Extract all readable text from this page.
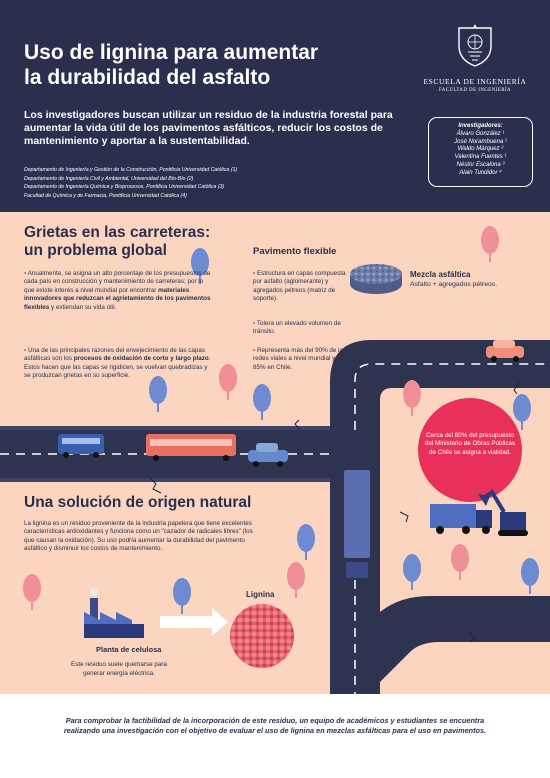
Uso de lignina para aumentar
la durabilidad del asfalto
Los investigadores buscan utilizar un residuo de la industria forestal para aumentar la vida útil de los pavimentos asfálticos, reducir los costos de mantenimiento y aportar a la sustentabilidad.
Departamento de Ingeniería y Gestión de la Construcción, Pontificia Universidad Católica (1)
Departamento de Ingeniería Civil y Ambiental, Universidad del Bío-Bío (2)
Departamento de Ingeniería Química y Bioprocesos, Pontificia Universidad Católica (3)
Facultad de Química y de Farmacia, Pontificia Universidad Católica (4)
ESCUELA DE INGENIERÍA
FACULTAD DE INGENIERÍA
Investigadores:
Álvaro González ¹
José Norambuena ¹
Waldo Márquez ²
Valentina Fuentes ¹
Néstor Escalona ³
Alain Tundidor ⁴
Grietas en las carreteras:
un problema global
• Anualmente, se asigna un alto porcentaje de los presupuestos de cada país en construcción y mantenimiento de carreteras; por lo que existe interés a nivel mundial por encontrar materiales innovadores que reduzcan el agrietamiento de los pavimentos flexibles y extiendan su vida útil.
• Una de las principales razones del envejecimiento de las capas asfálticas son los procesos de oxidación de corto y largo plazo. Estos hacen que las capas se rigidicen, se vuelvan quebradizas y se produzcan grietas en su superficie.
Pavimento flexible
• Estructura en capas compuesta por asfalto (aglomerante) y agregados pétreos (matriz de soporte).
• Tolera un elevado volumen de tránsito.
• Representa más del 90% de las redes viales a nivel mundial y un 85% en Chile.
Mezcla asfáltica
Asfalto + agregados pétreos.
Cerca del 80% del presupuesto del Ministerio de Obras Públicas de Chile se asigna a vialidad.
Una solución de origen natural
La lignina es un residuo proveniente de la industria papelera que tiene excelentes características antioxidantes y funciona como un "cazador de radicales libres" (los que causan la oxidación). Su uso podría aumentar la durabilidad del pavimento asfáltico y disminuir los costos de mantenimiento.
Planta de celulosa
Este residuo suele quemarse para generar energía eléctrica.
Lignina
Para comprobar la factibilidad de la incorporación de este residuo, un equipo de académicos y estudiantes se encuentra realizando una investigación con el objetivo de evaluar el uso de lignina en mezclas asfálticas para el uso en pavimentos.
